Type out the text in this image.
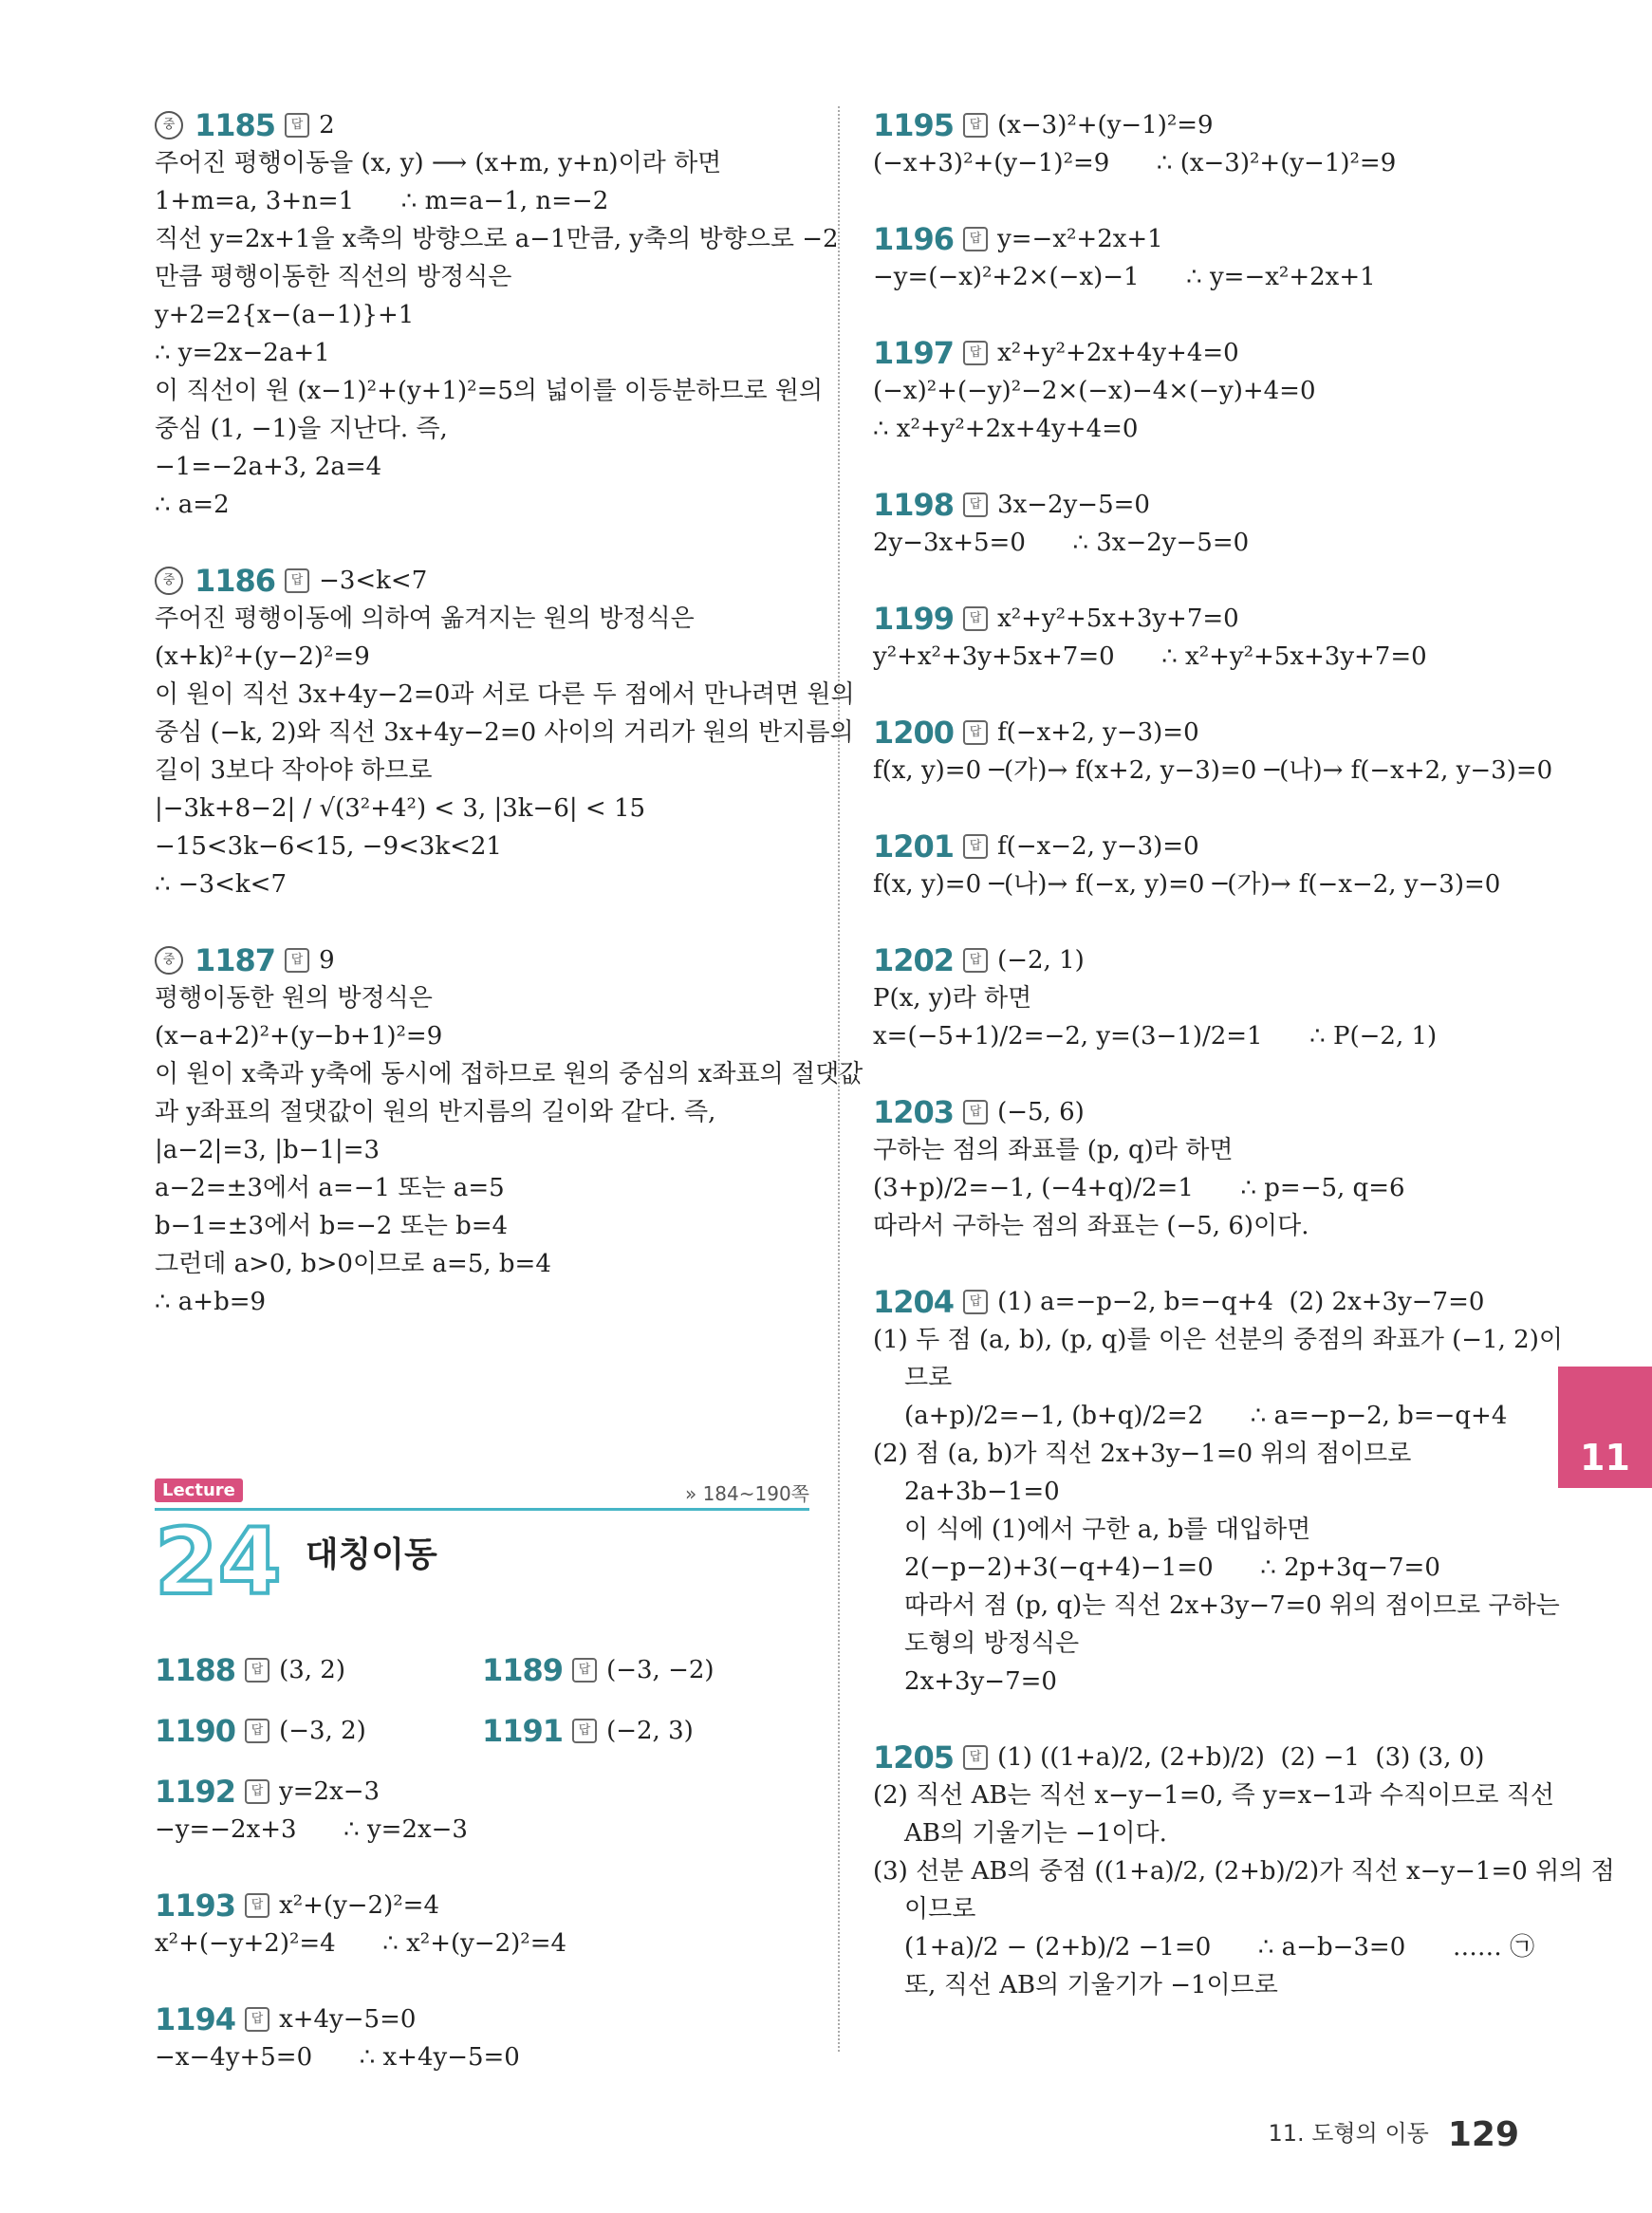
중 1185	답 2
주어진 평행이동을 (x, y) ⟶ (x+m, y+n)이라 하면
1+m=a, 3+n=1      ∴ m=a−1, n=−2
직선 y=2x+1을 x축의 방향으로 a−1만큼, y축의 방향으로 −2
만큼 평행이동한 직선의 방정식은
y+2=2{x−(a−1)}+1
∴ y=2x−2a+1
이 직선이 원 (x−1)²+(y+1)²=5의 넓이를 이등분하므로 원의
중심 (1, −1)을 지난다. 즉,
−1=−2a+3, 2a=4
∴ a=2
중 1186	답 −3<k<7
주어진 평행이동에 의하여 옮겨지는 원의 방정식은
(x+k)²+(y−2)²=9
이 원이 직선 3x+4y−2=0과 서로 다른 두 점에서 만나려면 원의
중심 (−k, 2)와 직선 3x+4y−2=0 사이의 거리가 원의 반지름의
길이 3보다 작아야 하므로
|−3k+8−2| / √(3²+4²) < 3, |3k−6| < 15
−15<3k−6<15, −9<3k<21
∴ −3<k<7
중 1187	답 9
평행이동한 원의 방정식은
(x−a+2)²+(y−b+1)²=9
이 원이 x축과 y축에 동시에 접하므로 원의 중심의 x좌표의 절댓값
과 y좌표의 절댓값이 원의 반지름의 길이와 같다. 즉,
|a−2|=3, |b−1|=3
a−2=±3에서 a=−1 또는 a=5
b−1=±3에서 b=−2 또는 b=4
그런데 a>0, b>0이므로 a=5, b=4
∴ a+b=9
Lecture	» 184~190쪽
24 대칭이동
1188	답 (3, 2)	1189	답 (−3, −2)
1190	답 (−3, 2)	1191	답 (−2, 3)
1192	답 y=2x−3
−y=−2x+3      ∴ y=2x−3
1193	답 x²+(y−2)²=4
x²+(−y+2)²=4      ∴ x²+(y−2)²=4
1194	답 x+4y−5=0
−x−4y+5=0      ∴ x+4y−5=0
1195	답 (x−3)²+(y−1)²=9
(−x+3)²+(y−1)²=9      ∴ (x−3)²+(y−1)²=9
1196	답 y=−x²+2x+1
−y=(−x)²+2×(−x)−1      ∴ y=−x²+2x+1
1197	답 x²+y²+2x+4y+4=0
(−x)²+(−y)²−2×(−x)−4×(−y)+4=0
∴ x²+y²+2x+4y+4=0
1198	답 3x−2y−5=0
2y−3x+5=0      ∴ 3x−2y−5=0
1199	답 x²+y²+5x+3y+7=0
y²+x²+3y+5x+7=0      ∴ x²+y²+5x+3y+7=0
1200	답 f(−x+2, y−3)=0
f(x, y)=0 ─(가)→ f(x+2, y−3)=0 ─(나)→ f(−x+2, y−3)=0
1201	답 f(−x−2, y−3)=0
f(x, y)=0 ─(나)→ f(−x, y)=0 ─(가)→ f(−x−2, y−3)=0
1202	답 (−2, 1)
P(x, y)라 하면
x=(−5+1)/2=−2, y=(3−1)/2=1      ∴ P(−2, 1)
1203	답 (−5, 6)
구하는 점의 좌표를 (p, q)라 하면
(3+p)/2=−1, (−4+q)/2=1      ∴ p=−5, q=6
따라서 구하는 점의 좌표는 (−5, 6)이다.
1204	답 (1) a=−p−2, b=−q+4  (2) 2x+3y−7=0
(1) 두 점 (a, b), (p, q)를 이은 선분의 중점의 좌표가 (−1, 2)이
므로
(a+p)/2=−1, (b+q)/2=2      ∴ a=−p−2, b=−q+4
(2) 점 (a, b)가 직선 2x+3y−1=0 위의 점이므로
2a+3b−1=0
이 식에 (1)에서 구한 a, b를 대입하면
2(−p−2)+3(−q+4)−1=0      ∴ 2p+3q−7=0
따라서 점 (p, q)는 직선 2x+3y−7=0 위의 점이므로 구하는
도형의 방정식은
2x+3y−7=0
1205	답 (1) ((1+a)/2, (2+b)/2)  (2) −1  (3) (3, 0)
(2) 직선 AB는 직선 x−y−1=0, 즉 y=x−1과 수직이므로 직선
AB의 기울기는 −1이다.
(3) 선분 AB의 중점 ((1+a)/2, (2+b)/2)가 직선 x−y−1=0 위의 점
이므로
(1+a)/2 − (2+b)/2 −1=0      ∴ a−b−3=0      …… ㉠
또, 직선 AB의 기울기가 −1이므로
11
11. 도형의 이동 129
